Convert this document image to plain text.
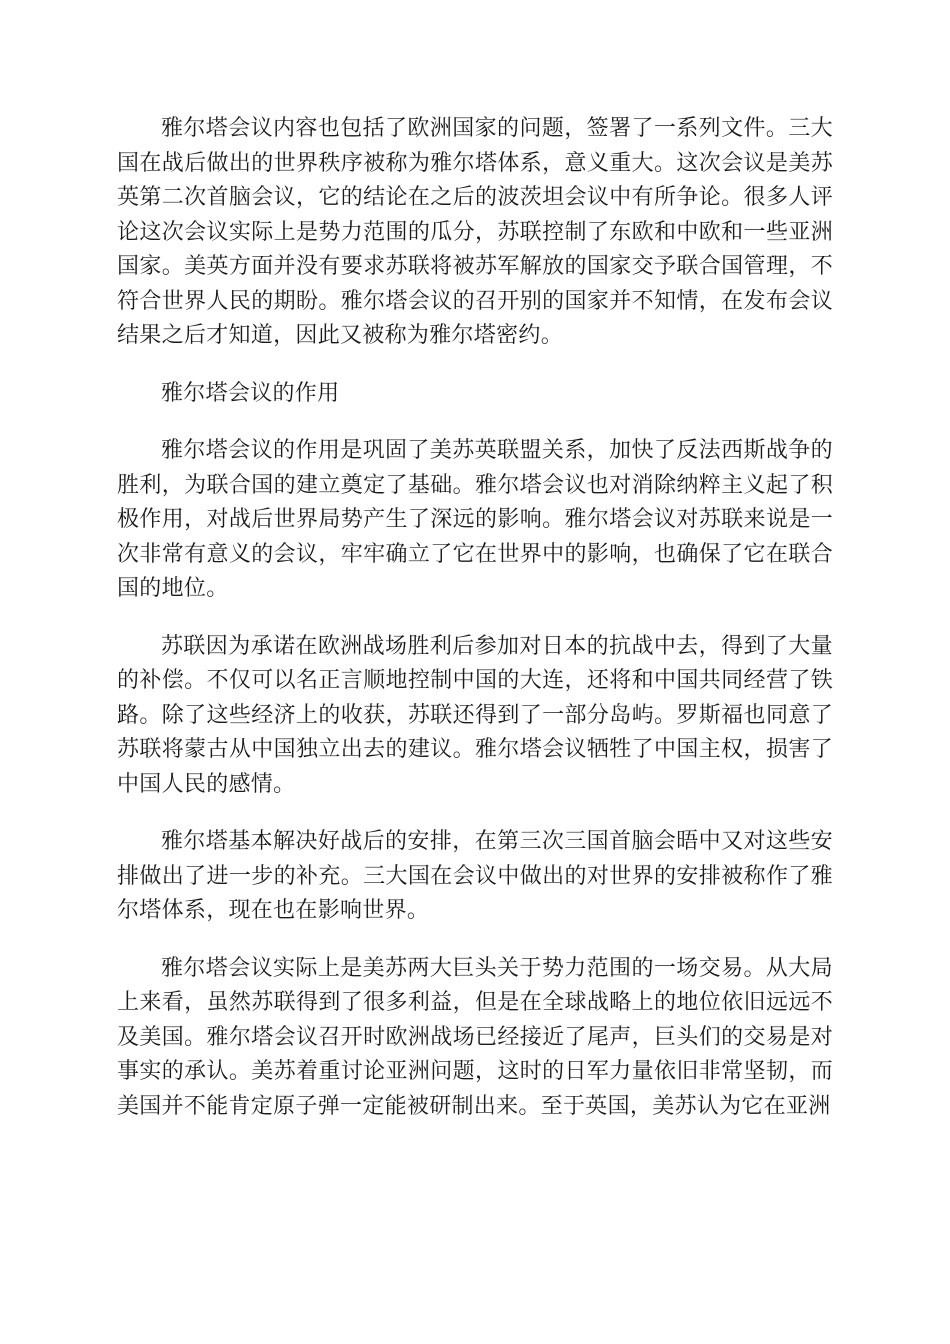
雅尔塔会议内容也包括了欧洲国家的问题，签署了一系列文件。三大国在战后做出的世界秩序被称为雅尔塔体系，意义重大。这次会议是美苏英第二次首脑会议，它的结论在之后的波茨坦会议中有所争论。很多人评论这次会议实际上是势力范围的瓜分，苏联控制了东欧和中欧和一些亚洲国家。美英方面并没有要求苏联将被苏军解放的国家交予联合国管理，不符合世界人民的期盼。雅尔塔会议的召开别的国家并不知情，在发布会议结果之后才知道，因此又被称为雅尔塔密约。

雅尔塔会议的作用

雅尔塔会议的作用是巩固了美苏英联盟关系，加快了反法西斯战争的胜利，为联合国的建立奠定了基础。雅尔塔会议也对消除纳粹主义起了积极作用，对战后世界局势产生了深远的影响。雅尔塔会议对苏联来说是一次非常有意义的会议，牢牢确立了它在世界中的影响，也确保了它在联合国的地位。

苏联因为承诺在欧洲战场胜利后参加对日本的抗战中去，得到了大量的补偿。不仅可以名正言顺地控制中国的大连，还将和中国共同经营了铁路。除了这些经济上的收获，苏联还得到了一部分岛屿。罗斯福也同意了苏联将蒙古从中国独立出去的建议。雅尔塔会议牺牲了中国主权，损害了中国人民的感情。

雅尔塔基本解决好战后的安排，在第三次三国首脑会晤中又对这些安排做出了进一步的补充。三大国在会议中做出的对世界的安排被称作了雅尔塔体系，现在也在影响世界。

雅尔塔会议实际上是美苏两大巨头关于势力范围的一场交易。从大局上来看，虽然苏联得到了很多利益，但是在全球战略上的地位依旧远远不及美国。雅尔塔会议召开时欧洲战场已经接近了尾声，巨头们的交易是对事实的承认。美苏着重讨论亚洲问题，这时的日军力量依旧非常坚韧，而美国并不能肯定原子弹一定能被研制出来。至于英国，美苏认为它在亚洲
